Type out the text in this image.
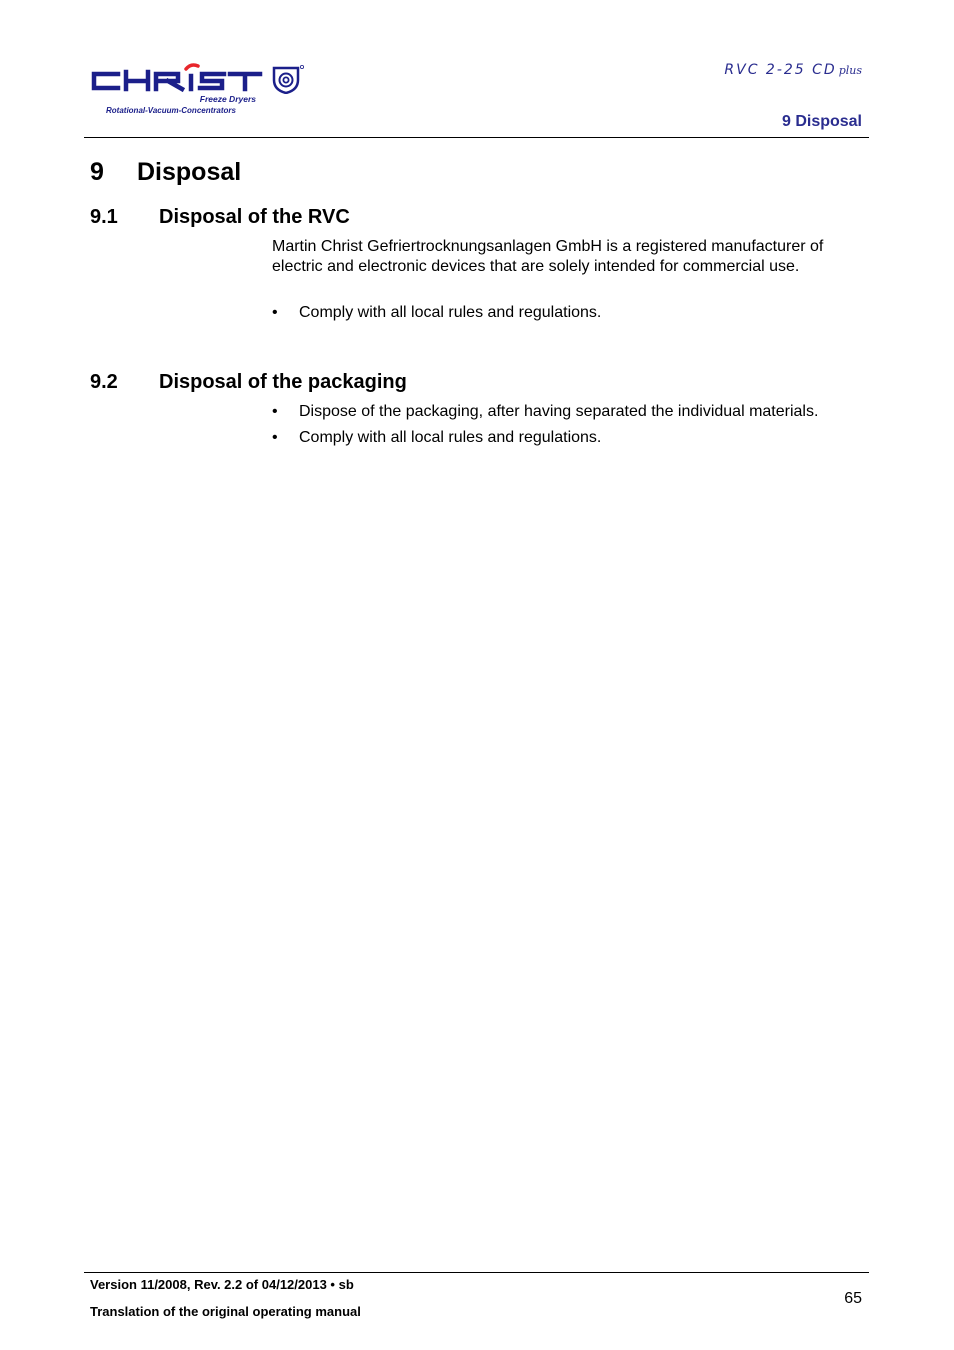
Freeze Dryers
Rotational-Vacuum-Concentrators
RVC 2-25 CD plus
9 Disposal
9 Disposal
9.1 Disposal of the RVC

Martin Christ Gefriertrocknungsanlagen GmbH is a registered manufacturer of electric and electronic devices that are solely intended for commercial use.

• Comply with all local rules and regulations.
9.2 Disposal of the packaging
• Dispose of the packaging, after having separated the individual materials.
• Comply with all local rules and regulations.
Version 11/2008, Rev. 2.2 of 04/12/2013 • sb
Translation of the original operating manual
65
